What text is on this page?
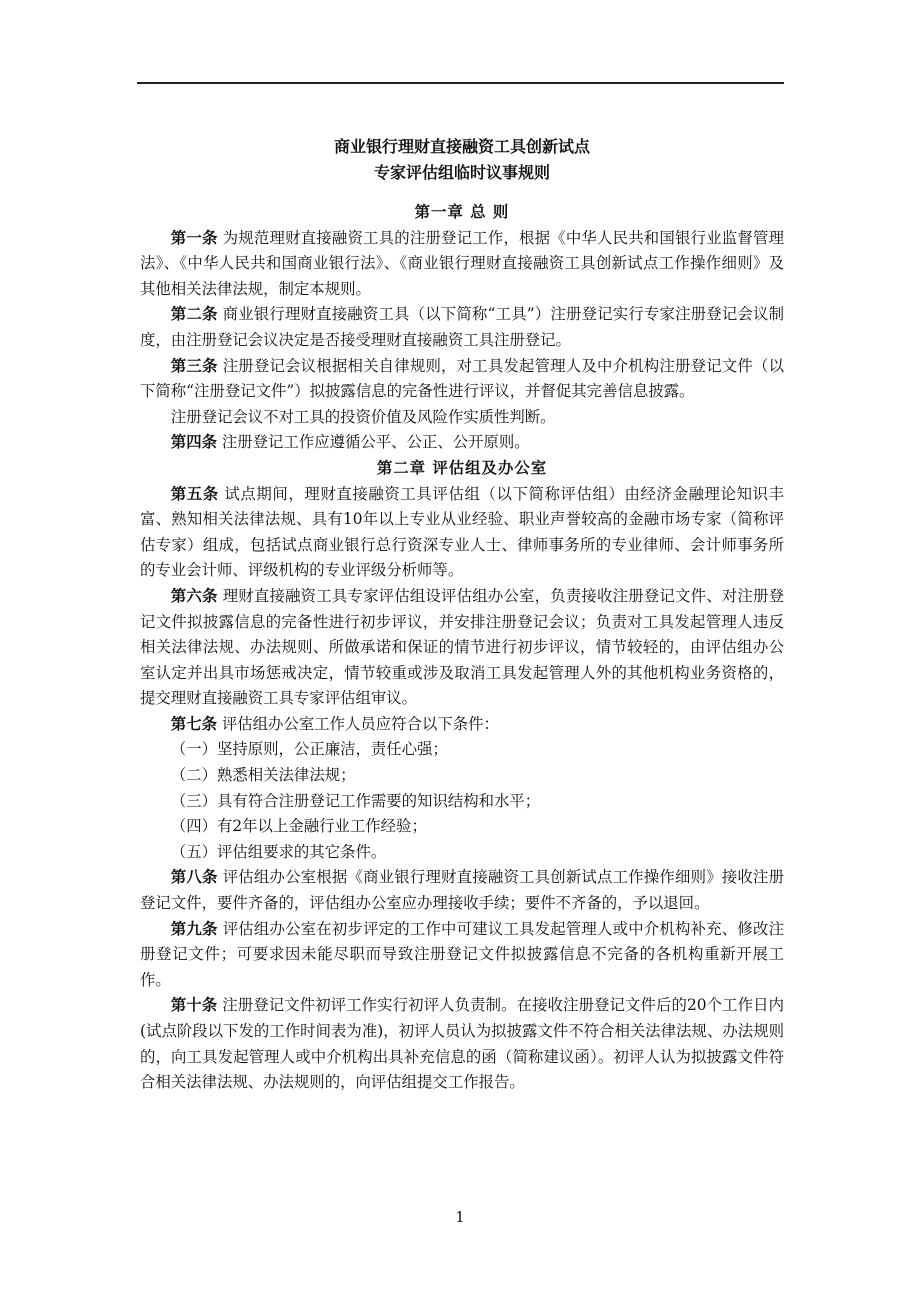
商业银行理财直接融资工具创新试点

专家评估组临时议事规则

第一章 总 则

第一条 为规范理财直接融资工具的注册登记工作，根据《中华人民共和国银行业监督管理法》、《中华人民共和国商业银行法》、《商业银行理财直接融资工具创新试点工作操作细则》及其他相关法律法规，制定本规则。

第二条 商业银行理财直接融资工具（以下简称“工具”）注册登记实行专家注册登记会议制度，由注册登记会议决定是否接受理财直接融资工具注册登记。

第三条 注册登记会议根据相关自律规则，对工具发起管理人及中介机构注册登记文件（以下简称“注册登记文件”）拟披露信息的完备性进行评议，并督促其完善信息披露。

注册登记会议不对工具的投资价值及风险作实质性判断。

第四条 注册登记工作应遵循公平、公正、公开原则。

第二章 评估组及办公室

第五条 试点期间，理财直接融资工具评估组（以下简称评估组）由经济金融理论知识丰富、熟知相关法律法规、具有10年以上专业从业经验、职业声誉较高的金融市场专家（简称评估专家）组成，包括试点商业银行总行资深专业人士、律师事务所的专业律师、会计师事务所的专业会计师、评级机构的专业评级分析师等。

第六条 理财直接融资工具专家评估组设评估组办公室，负责接收注册登记文件、对注册登记文件拟披露信息的完备性进行初步评议，并安排注册登记会议；负责对工具发起管理人违反相关法律法规、办法规则、所做承诺和保证的情节进行初步评议，情节较轻的，由评估组办公室认定并出具市场惩戒决定，情节较重或涉及取消工具发起管理人外的其他机构业务资格的，提交理财直接融资工具专家评估组审议。

第七条 评估组办公室工作人员应符合以下条件：

（一）坚持原则，公正廉洁，责任心强；

（二）熟悉相关法律法规；

（三）具有符合注册登记工作需要的知识结构和水平；

（四）有2年以上金融行业工作经验；

（五）评估组要求的其它条件。

第八条 评估组办公室根据《商业银行理财直接融资工具创新试点工作操作细则》接收注册登记文件，要件齐备的，评估组办公室应办理接收手续；要件不齐备的，予以退回。

第九条 评估组办公室在初步评定的工作中可建议工具发起管理人或中介机构补充、修改注册登记文件；可要求因未能尽职而导致注册登记文件拟披露信息不完备的各机构重新开展工作。

第十条 注册登记文件初评工作实行初评人负责制。在接收注册登记文件后的20个工作日内(试点阶段以下发的工作时间表为准)，初评人员认为拟披露文件不符合相关法律法规、办法规则的，向工具发起管理人或中介机构出具补充信息的函（简称建议函）。初评人认为拟披露文件符合相关法律法规、办法规则的，向评估组提交工作报告。

1
